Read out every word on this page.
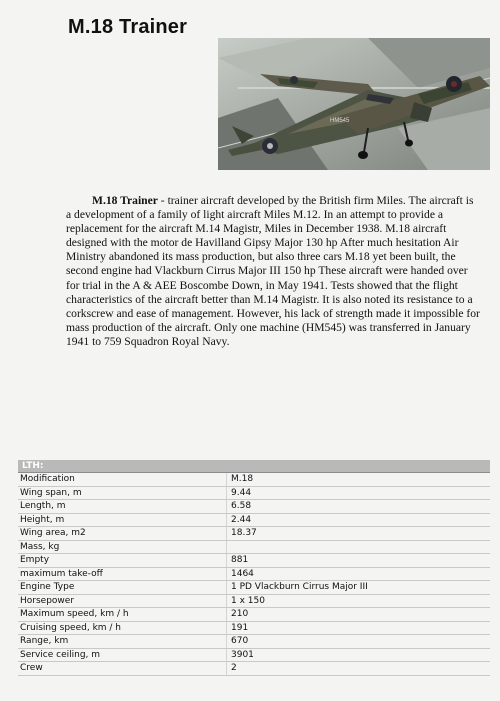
M.18 Trainer
HM545

M.18 Trainer - trainer aircraft developed by the British firm Miles. The aircraft is a development of a family of light aircraft Miles M.12. In an attempt to provide a replacement for the aircraft M.14 Magistr, Miles in December 1938. M.18 aircraft designed with the motor de Havilland Gipsy Major 130 hp After much hesitation Air Ministry abandoned its mass production, but also three cars M.18 yet been built, the second engine had Vlackburn Cirrus Major III 150 hp These aircraft were handed over for trial in the A & AEE Boscombe Down, in May 1941. Tests showed that the flight characteristics of the aircraft better than M.14 Magistr. It is also noted its resistance to a corkscrew and ease of management. However, his lack of strength made it impossible for mass production of the aircraft. Only one machine (HM545) was transferred in January 1941 to 759 Squadron Royal Navy.

LTH:
Modification	M.18
Wing span, m	9.44
Length, m	6.58
Height, m	2.44
Wing area, m2	18.37
Mass, kg
Empty	881
maximum take-off	1464
Engine Type	1 PD Vlackburn Cirrus Major III
Horsepower	1 x 150
Maximum speed, km / h	210
Cruising speed, km / h	191
Range, km	670
Service ceiling, m	3901
Crew	2
